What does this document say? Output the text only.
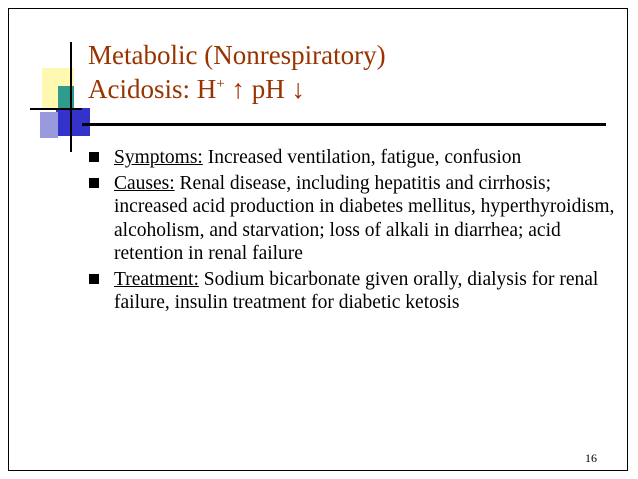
Metabolic (Nonrespiratory)
Acidosis: H+ ↑ pH ↓
Symptoms: Increased ventilation, fatigue, confusion
Causes: Renal disease, including hepatitis and cirrhosis; increased acid production in diabetes mellitus, hyperthyroidism, alcoholism, and starvation; loss of alkali in diarrhea; acid retention in renal failure
Treatment: Sodium bicarbonate given orally, dialysis for renal failure, insulin treatment for diabetic ketosis
16
